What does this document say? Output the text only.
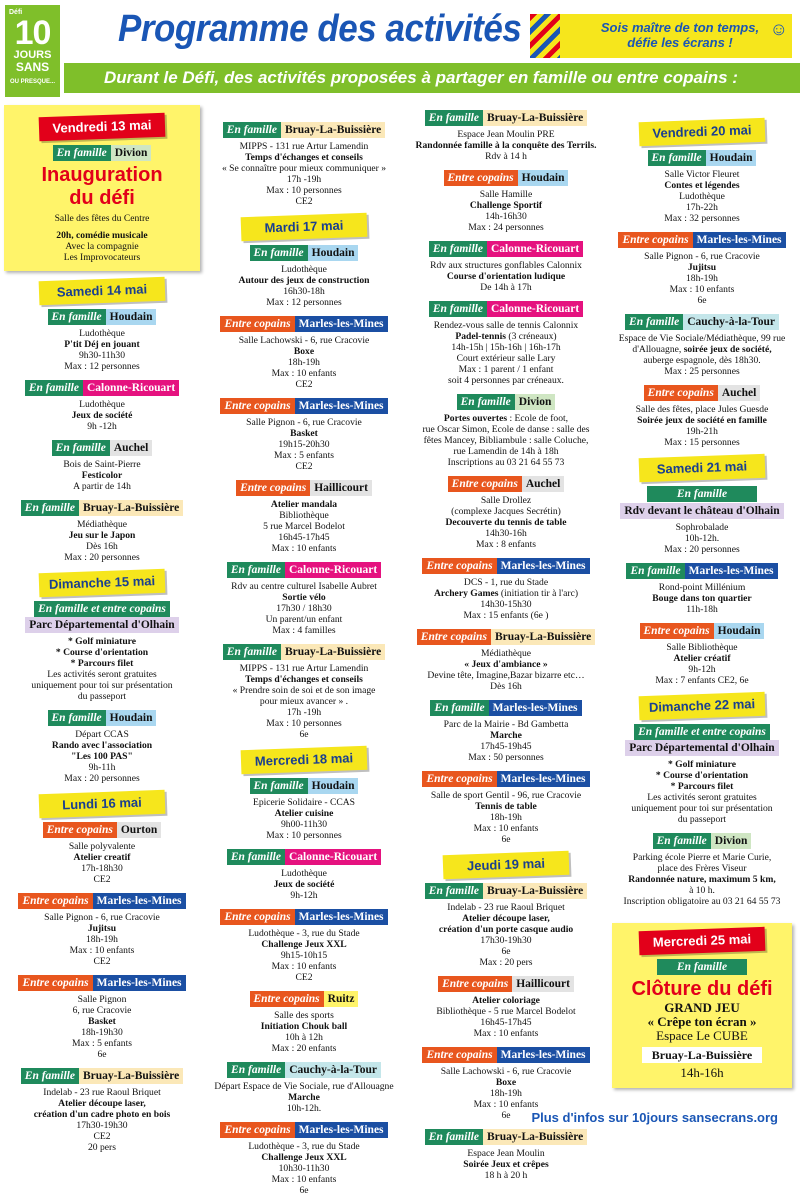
Défi
10
JOURS
SANS
OU PRESQUE...
Programme des activités	Sois maître de ton temps,
défie les écrans !
☺
Durant le Défi, des activités proposées à partager en famille ou entre copains :
Vendredi 13 mai
En famille Divion
Inauguration
du défi
Salle des fêtes du Centre
20h, comédie musicale
Avec la compagnie
Les Improvocateurs
Samedi 14 mai
En famille Houdain
Ludothèque
P'tit Déj en jouant
9h30-11h30
Max : 12 personnes
En famille Calonne-Ricouart
Ludothèque
Jeux de société
9h -12h
En famille Auchel
Bois de Saint-Pierre
Festicolor
A partir de 14h
En famille Bruay-La-Buissière
Médiathèque
Jeu sur le Japon
Dès 16h
Max : 20 personnes
Dimanche 15 mai
En famille et entre copains
Parc Départemental d'Olhain
* Golf miniature
* Course d'orientation
* Parcours filet
Les activités seront gratuites
uniquement pour toi sur présentation
du passeport
En famille Houdain
Départ CCAS
Rando avec l'association
"Les 100 PAS"
9h-11h
Max : 20 personnes
Lundi 16 mai
Entre copains Ourton
Salle polyvalente
Atelier creatif
17h-18h30
CE2
Entre copains Marles-les-Mines
Salle Pignon - 6, rue Cracovie
Jujitsu
18h-19h
Max : 10 enfants
CE2
Entre copains Marles-les-Mines
Salle Pignon
6, rue Cracovie
Basket
18h-19h30
Max : 5 enfants
6e
En famille Bruay-La-Buissière
Indelab - 23 rue Raoul Briquet
Atelier découpe laser,
création d'un cadre photo en bois
17h30-19h30
CE2
20 pers
En famille Bruay-La-Buissière
MIPPS - 131 rue Artur Lamendin
Temps d'échanges et conseils
« Se connaître pour mieux communiquer »
17h -19h
Max : 10 personnes
CE2
Mardi 17 mai
En famille Houdain
Ludothèque
Autour des jeux de construction
16h30-18h
Max : 12 personnes
Entre copains Marles-les-Mines
Salle Lachowski - 6, rue Cracovie
Boxe
18h-19h
Max : 10 enfants
CE2
Entre copains Marles-les-Mines
Salle Pignon - 6, rue Cracovie
Basket
19h15-20h30
Max : 5 enfants
CE2
Entre copains Haillicourt
Atelier mandala
Bibliothèque
5 rue Marcel Bodelot
16h45-17h45
Max : 10 enfants
En famille Calonne-Ricouart
Rdv au centre culturel Isabelle Aubret
Sortie vélo
17h30 / 18h30
Un parent/un enfant
Max : 4 familles
En famille Bruay-La-Buissière
MIPPS - 131 rue Artur Lamendin
Temps d'échanges et conseils
« Prendre soin de soi et de son image
pour mieux avancer » .
17h -19h
Max : 10 personnes
6e
Mercredi 18 mai
En famille Houdain
Epicerie Solidaire - CCAS
Atelier cuisine
9h00-11h30
Max : 10 personnes
En famille Calonne-Ricouart
Ludothèque
Jeux de société
9h-12h
Entre copains Marles-les-Mines
Ludothèque - 3, rue du Stade
Challenge Jeux XXL
9h15-10h15
Max : 10 enfants
CE2
Entre copains Ruitz
Salle des sports
Initiation Chouk ball
10h à 12h
Max : 20 enfants
En famille Cauchy-à-la-Tour
Départ Espace de Vie Sociale, rue d'Allouagne
Marche
10h-12h.
Entre copains Marles-les-Mines
Ludothèque - 3, rue du Stade
Challenge Jeux XXL
10h30-11h30
Max : 10 enfants
6e
En famille Bruay-La-Buissière
Espace Jean Moulin PRE
Randonnée famille à la conquête des Terrils.
Rdv à 14 h
Entre copains Houdain
Salle Hamille
Challenge Sportif
14h-16h30
Max : 24 personnes
En famille Calonne-Ricouart
Rdv aux structures gonflables Calonnix
Course d'orientation ludique
De 14h à 17h
En famille Calonne-Ricouart
Rendez-vous salle de tennis Calonnix
Padel-tennis (3 créneaux)
14h-15h | 15h-16h | 16h-17h
Court extérieur salle Lary
Max : 1 parent / 1 enfant
soit 4 personnes par créneaux.
En famille Divion
Portes ouvertes : Ecole de foot,
rue Oscar Simon, Ecole de danse : salle des
fêtes Mancey, Bibliambule : salle Coluche,
rue Lamendin de 14h à 18h
Inscriptions au 03 21 64 55 73
Entre copains Auchel
Salle Drollez
(complexe Jacques Secrétin)
Decouverte du tennis de table
14h30-16h
Max : 8 enfants
Entre copains Marles-les-Mines
DCS - 1, rue du Stade
Archery Games (initiation tir à l'arc)
14h30-15h30
Max : 15 enfants (6e )
Entre copains Bruay-La-Buissière
Médiathèque
« Jeux d'ambiance »
Devine tête, Imagine,Bazar bizarre etc…
Dès 16h
En famille Marles-les-Mines
Parc de la Mairie - Bd Gambetta
Marche
17h45-19h45
Max : 50 personnes
Entre copains Marles-les-Mines
Salle de sport Gentil - 96, rue Cracovie
Tennis de table
18h-19h
Max : 10 enfants
6e
Jeudi 19 mai
En famille Bruay-La-Buissière
Indelab - 23 rue Raoul Briquet
Atelier découpe laser,
création d'un porte casque audio
17h30-19h30
6e
Max : 20 pers
Entre copains Haillicourt
Atelier coloriage
Bibliothèque - 5 rue Marcel Bodelot
16h45-17h45
Max : 10 enfants
Entre copains Marles-les-Mines
Salle Lachowski - 6, rue Cracovie
Boxe
18h-19h
Max : 10 enfants
6e
En famille Bruay-La-Buissière
Espace Jean Moulin
Soirée Jeux et crêpes
18 h à 20 h
Vendredi 20 mai
En famille Houdain
Salle Victor Fleuret
Contes et légendes
Ludothèque
17h-22h
Max : 32 personnes
Entre copains Marles-les-Mines
Salle Pignon - 6, rue Cracovie
Jujitsu
18h-19h
Max : 10 enfants
6e
En famille Cauchy-à-la-Tour
Espace de Vie Sociale/Médiathèque, 99 rue
d'Allouagne, soirée jeux de société,
auberge espagnole, dès 18h30.
Max : 25 personnes
Entre copains Auchel
Salle des fêtes, place Jules Guesde
Soirée jeux de société en famille
19h-21h
Max : 15 personnes
Samedi 21 mai
En famille
Rdv devant le château d'Olhain
Sophrobalade
10h-12h.
Max : 20 personnes
En famille Marles-les-Mines
Rond-point Millénium
Bouge dans ton quartier
11h-18h
Entre copains Houdain
Salle Bibliothèque
Atelier créatif
9h-12h
Max : 7 enfants CE2, 6e
Dimanche 22 mai
En famille et entre copains
Parc Départemental d'Olhain
* Golf miniature
* Course d'orientation
* Parcours filet
Les activités seront gratuites
uniquement pour toi sur présentation
du passeport
En famille Divion
Parking école Pierre et Marie Curie,
place des Frères Viseur
Randonnée nature, maximum 5 km,
à 10 h.
Inscription obligatoire au 03 21 64 55 73
Mercredi 25 mai
En famille
Clôture du défi
GRAND JEU
« Crêpe ton écran »
Espace Le CUBE
Bruay-La-Buissière
14h-16h
Plus d'infos sur 10jours sansecrans.org
